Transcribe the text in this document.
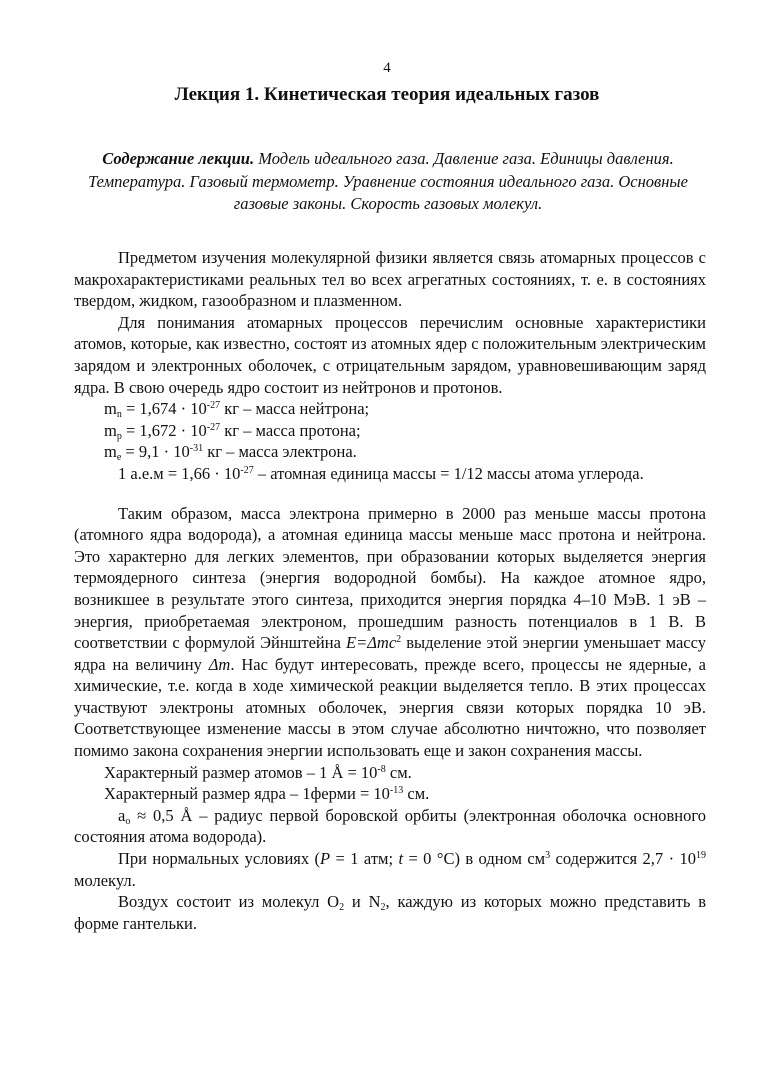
4
Лекция 1. Кинетическая теория идеальных газов

Содержание лекции. Модель идеального газа. Давление газа. Единицы давления. Температура. Газовый термометр. Уравнение состояния идеального газа. Основные газовые законы. Скорость газовых молекул.

Предметом изучения молекулярной физики является связь атомарных процессов с макрохарактеристиками реальных тел во всех агрегатных состояниях, т. е. в состояниях твердом, жидком, газообразном и плазменном.

Для понимания атомарных процессов перечислим основные характеристики атомов, которые, как известно, состоят из атомных ядер с положительным электрическим зарядом и электронных оболочек, с отрицательным зарядом, уравновешивающим заряд ядра. В свою очередь ядро состоит из нейтронов и протонов.

$m_n = 1,674 \cdot 10^{-27}$ кг – масса нейтрона;

$m_p = 1,672 \cdot 10^{-27}$ кг – масса протона;

$m_e = 9,1 \cdot 10^{-31}$ кг – масса электрона.

1 $а.е.м = 1,66 \cdot 10^{-27}$ – атомная единица массы = 1/12 массы атома углерода.

Таким образом, масса электрона примерно в 2000 раз меньше массы протона (атомного ядра водорода), а атомная единица массы меньше масс протона и нейтрона. Это характерно для легких элементов, при образовании которых выделяется энергия термоядерного синтеза (энергия водородной бомбы). На каждое атомное ядро, возникшее в результате этого синтеза, приходится энергия порядка 4–10 МэВ. 1 эВ – энергия, приобретаемая электроном, прошедшим разность потенциалов в 1 В. В соответствии с формулой Эйнштейна E=Δmc$^2$ выделение этой энергии уменьшает массу ядра на величину Δm. Нас будут интересовать, прежде всего, процессы не ядерные, а химические, т.е. когда в ходе химической реакции выделяется тепло. В этих процессах участвуют электроны атомных оболочек, энергия связи которых порядка 10 эВ. Соответствующее изменение массы в этом случае абсолютно ничтожно, что позволяет помимо закона сохранения энергии использовать еще и закон сохранения массы.

Характерный размер атомов – 1 Å = $10^{-8}$ см.

Характерный размер ядра – 1ферми = $10^{-13}$ см.

$a_o \approx 0,5$ Å – радиус первой боровской орбиты (электронная оболочка основного состояния атома водорода).

При нормальных условиях (P = 1 атм; t = 0 °С) в одном $см^3$ содержится $2,7 \cdot 10^{19}$ молекул.

Воздух состоит из молекул $O_2$ и $N_2$, каждую из которых можно представить в форме гантельки.
